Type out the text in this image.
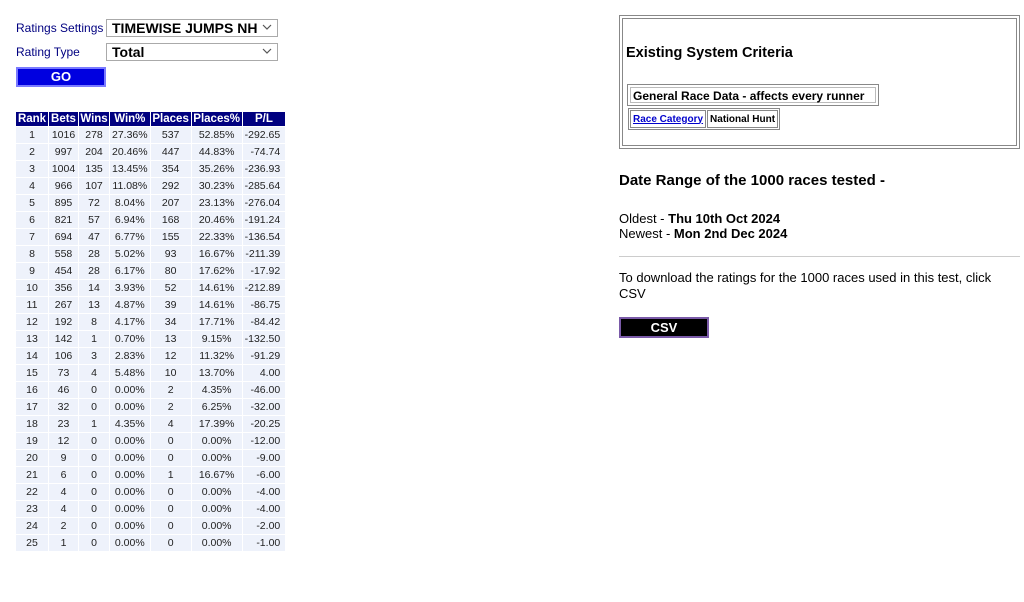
Ratings Settings TIMEWISE JUMPS NH
Rating Type	Total
GO
Rank	Bets	Wins	Win%	Places	Places%	P/L
1	1016	278	27.36%	537	52.85%	-292.65
2	997	204	20.46%	447	44.83%	-74.74
3	1004	135	13.45%	354	35.26%	-236.93
4	966	107	11.08%	292	30.23%	-285.64
5	895	72	8.04%	207	23.13%	-276.04
6	821	57	6.94%	168	20.46%	-191.24
7	694	47	6.77%	155	22.33%	-136.54
8	558	28	5.02%	93	16.67%	-211.39
9	454	28	6.17%	80	17.62%	-17.92
10	356	14	3.93%	52	14.61%	-212.89
11	267	13	4.87%	39	14.61%	-86.75
12	192	8	4.17%	34	17.71%	-84.42
13	142	1	0.70%	13	9.15%	-132.50
14	106	3	2.83%	12	11.32%	-91.29
15	73	4	5.48%	10	13.70%	4.00
16	46	0	0.00%	2	4.35%	-46.00
17	32	0	0.00%	2	6.25%	-32.00
18	23	1	4.35%	4	17.39%	-20.25
19	12	0	0.00%	0	0.00%	-12.00
20	9	0	0.00%	0	0.00%	-9.00
21	6	0	0.00%	1	16.67%	-6.00
22	4	0	0.00%	0	0.00%	-4.00
23	4	0	0.00%	0	0.00%	-4.00
24	2	0	0.00%	0	0.00%	-2.00
25	1	0	0.00%	0	0.00%	-1.00
Existing System Criteria
General Race Data - affects every runner
Race Category	National Hunt
Date Range of the 1000 races tested -
Oldest - Thu 10th Oct 2024
Newest - Mon 2nd Dec 2024
To download the ratings for the 1000 races used in this test, click CSV
CSV
